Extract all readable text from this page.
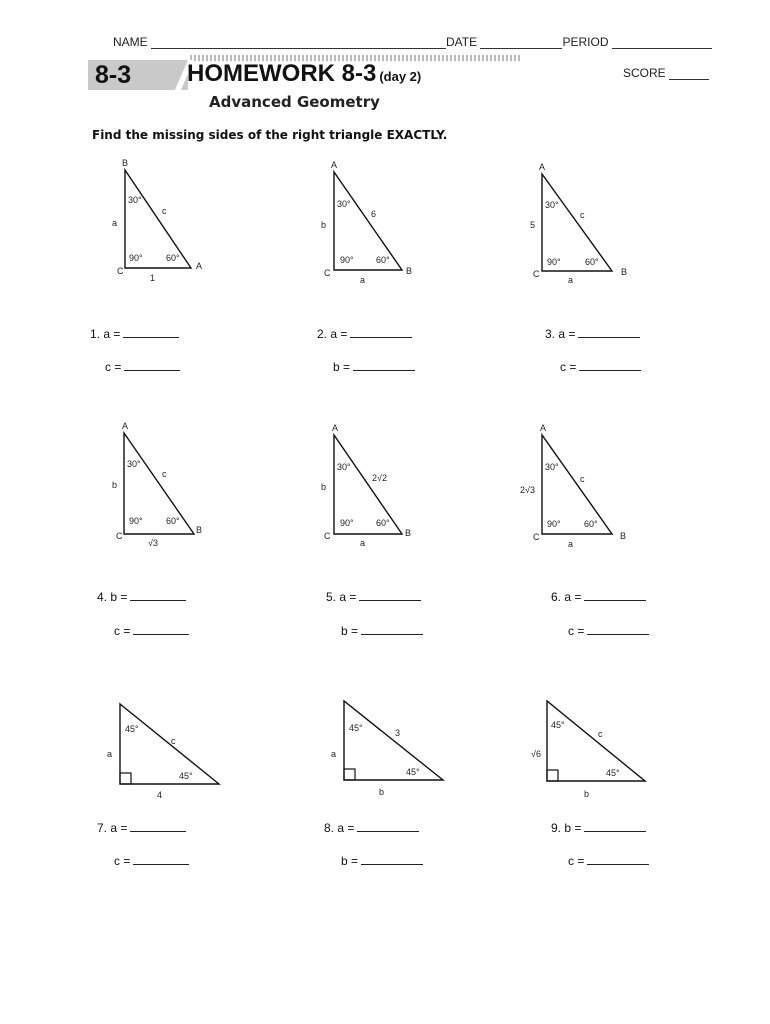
NAME	DATE	PERIOD
8-3 HOMEWORK 8-3 (day 2)	SCORE
Advanced Geometry
Find the missing sides of the right triangle EXACTLY.
B
C	A
30°
60°
90°
a
c
1
A
C	B
30°
60°
90°
b
6
a
A
C	B
30°
60°
90°
5
c
a
1. a =
c =
2. a =
b =
3. a =
c =
A
C
B
30°
60°
90°
b
c
√3
A
C	B
30°
60°
90°
b
2√2
a
A
C	B
30°
60°
90°
2√3
c
a
4. b =
c =
5. a =
b =
6. a =
c =
45°
45°
a
c
4
45°
45°
a
3
b
45°
45°
√6
c
b
7. a =
c =
8. a =
b =
9. b =
c =
